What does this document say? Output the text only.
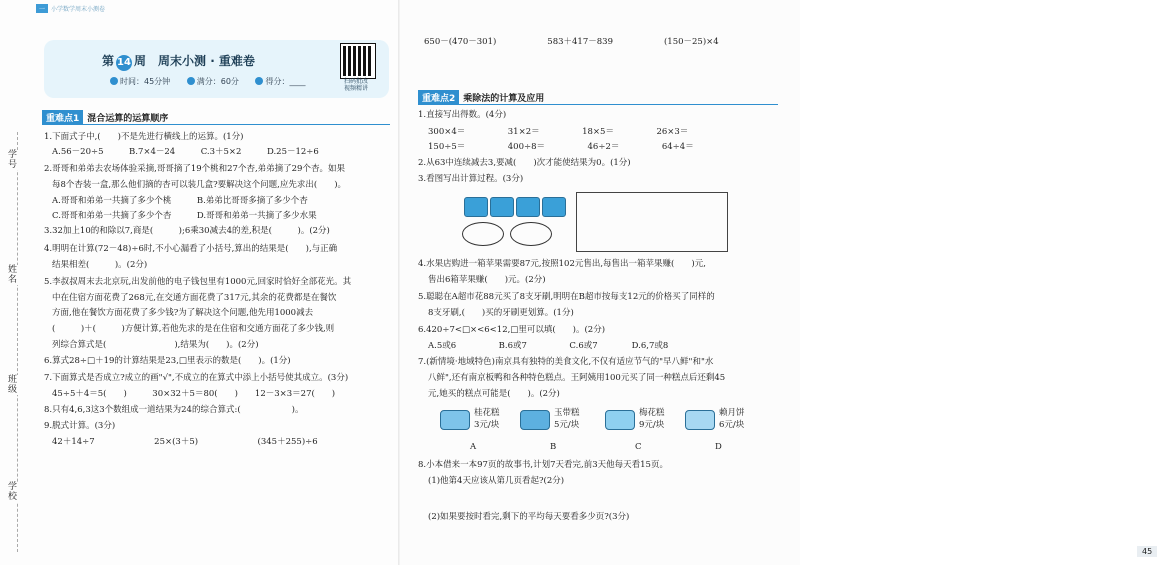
学号
姓名
班级
学校
一 小学数学周末小测卷
第 14 周　周末小测 · 重难卷
时间：45分钟	满分：60分	得分：____	扫码批改
视频精讲
重难点1 混合运算的运算顺序
1.下面式子中,(　　)不是先进行横线上的运算。(1分)
A.56－20÷5　　　B.7×4－24　　　C.3＋5×2　　　D.25－12÷6
2.哥哥和弟弟去农场体验采摘,哥哥摘了19个桃和27个杏,弟弟摘了29个杏。如果
每8个杏装一盒,那么他们摘的杏可以装几盒?要解决这个问题,应先求出(　　)。
A.哥哥和弟弟一共摘了多少个桃　　　B.弟弟比哥哥多摘了多少个杏
C.哥哥和弟弟一共摘了多少个杏　　　D.哥哥和弟弟一共摘了多少水果
3.32加上10的和除以7,商是(　　　);6乘30减去4的差,积是(　　　)。(2分)
4.明明在计算(72－48)÷6时,不小心漏看了小括号,算出的结果是(　　),与正确
结果相差(　　　)。(2分)
5.李叔叔周末去北京玩,出发前他的电子钱包里有1000元,回家时恰好全部花光。其
中在住宿方面花费了268元,在交通方面花费了317元,其余的花费都是在餐饮
方面,他在餐饮方面花费了多少钱?为了解决这个问题,他先用1000减去
(　　　)＋(　　　)方便计算,若他先求的是在住宿和交通方面花了多少钱,则
列综合算式是(　　　　　　　　),结果为(　　)。(2分)
6.算式28÷□＋19的计算结果是23,□里表示的数是(　　)。(1分)
7.下面算式是否成立?成立的画"√",不成立的在算式中添上小括号使其成立。(3分)
45÷5＋4＝5(　　)　　　30×32＋5＝80(　　)　　12－3×3＝27(　　)
8.只有4,6,3这3个数组成一道结果为24的综合算式:(　　　　　　)。
9.脱式计算。(3分)
42＋14÷7　　　　　　　25×(3＋5)　　　　　　　(345＋255)÷6
650－(470－301)　　　　　　583＋417－839　　　　　　(150－25)×4
重难点2 乘除法的计算及应用
1.直接写出得数。(4分)
300×4＝　　　　　31×2＝　　　　　18×5＝　　　　　26×3＝
150÷5＝　　　　　400÷8＝　　　　　46÷2＝　　　　　64÷4＝
2.从63中连续减去3,要减(　　)次才能使结果为0。(1分)
3.看图写出计算过程。(3分)
4.水果店购进一箱苹果需要87元,按照102元售出,每售出一箱苹果赚(　　)元,
售出6箱苹果赚(　　)元。(2分)
5.聪聪在A超市花88元买了8支牙刷,明明在B超市按每支12元的价格买了同样的
8支牙刷,(　　)买的牙刷更划算。(1分)
6.420÷7<□×<6<12,□里可以填(　　)。(2分)
A.5或6　　　　　B.6或7　　　　　C.6或7　　　　D.6,7或8
7.(新情境·地域特色)南京具有独特的美食文化,不仅有适应节气的"早八鲜"和"水
八鲜",还有南京板鸭和各种特色糕点。王阿姨用100元买了同一种糕点后还剩45
元,她买的糕点可能是(　　)。(2分)
8.小本借来一本97页的故事书,计划7天看完,前3天他每天看15页。
(1)他第4天应该从第几页看起?(2分)
(2)如果要按时看完,剩下的平均每天要看多少页?(3分)
桂花糕
3元/块
A
玉带糕
5元/块
B
梅花糕
9元/块
C
赖月饼
6元/块
D
45
